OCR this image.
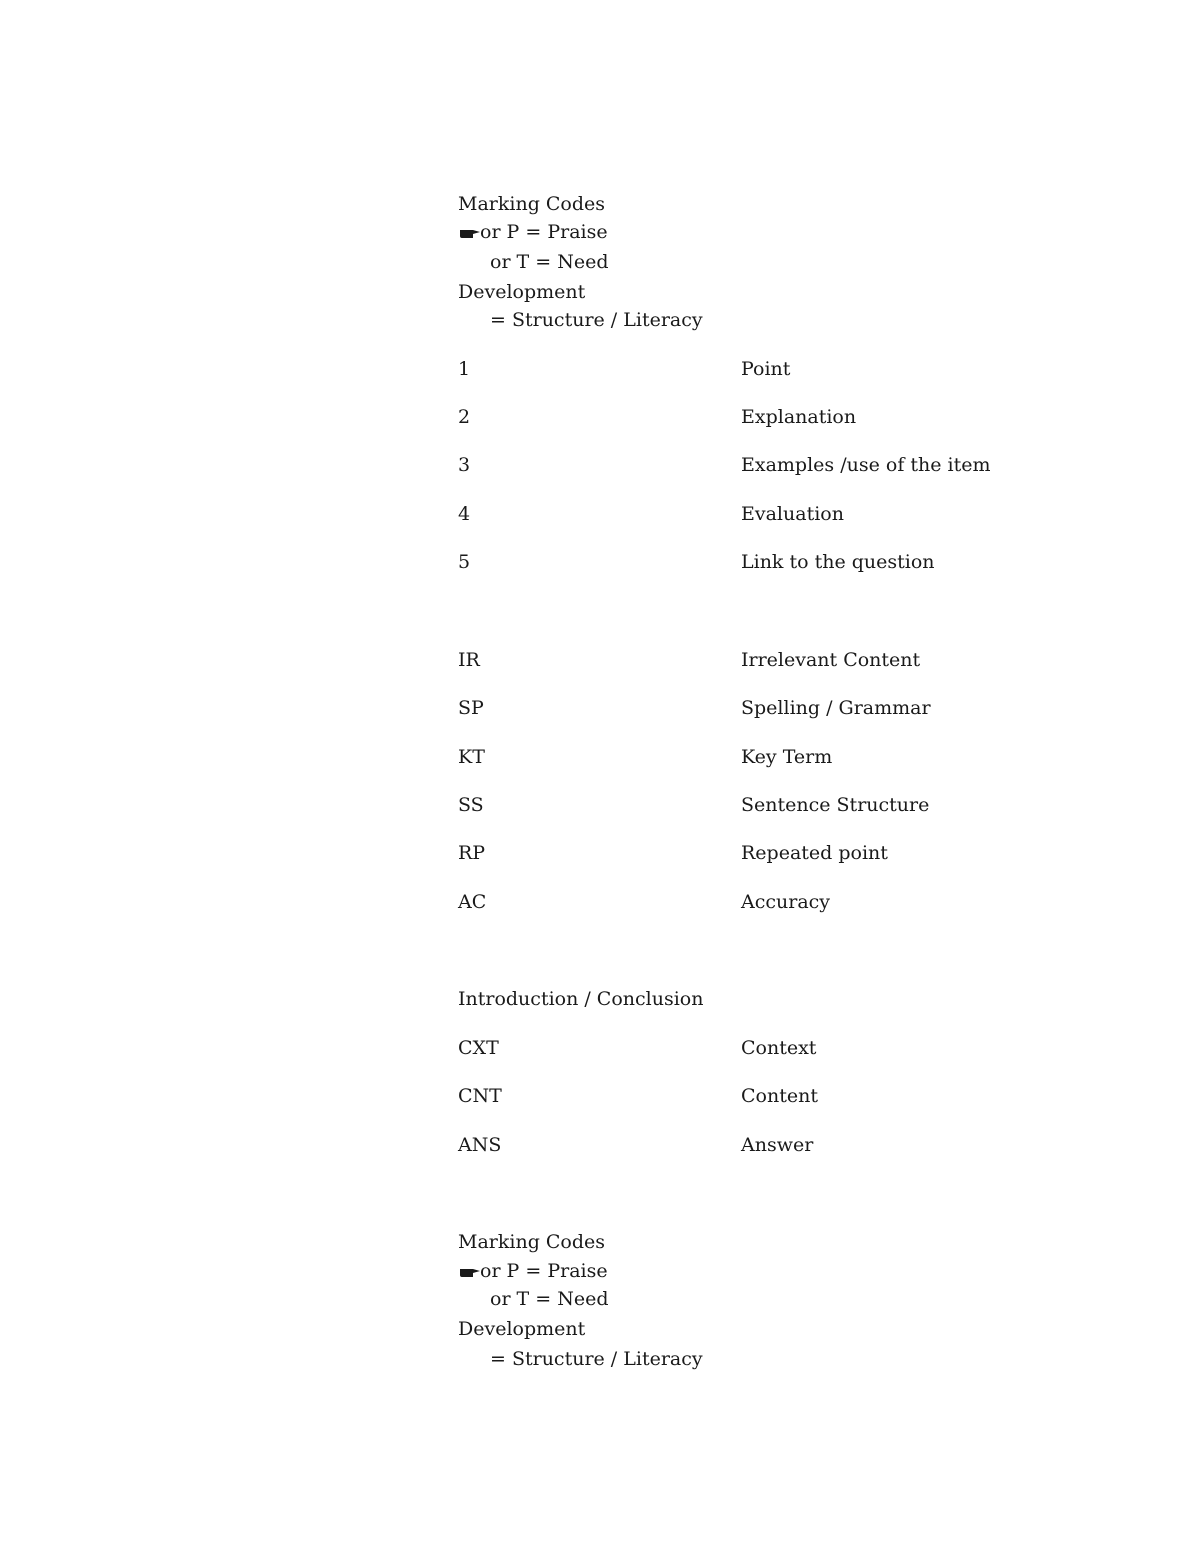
Marking Codes
or P = Praise
or T = Need
Development
= Structure / Literacy
1	Point
2	Explanation
3	Examples /use of the item
4	Evaluation
5	Link to the question
IR	Irrelevant Content
SP	Spelling / Grammar
KT	Key Term
SS	Sentence Structure
RP	Repeated point
AC	Accuracy
Introduction / Conclusion
CXT	Context
CNT	Content
ANS	Answer
Marking Codes
or P = Praise
or T = Need
Development
= Structure / Literacy
